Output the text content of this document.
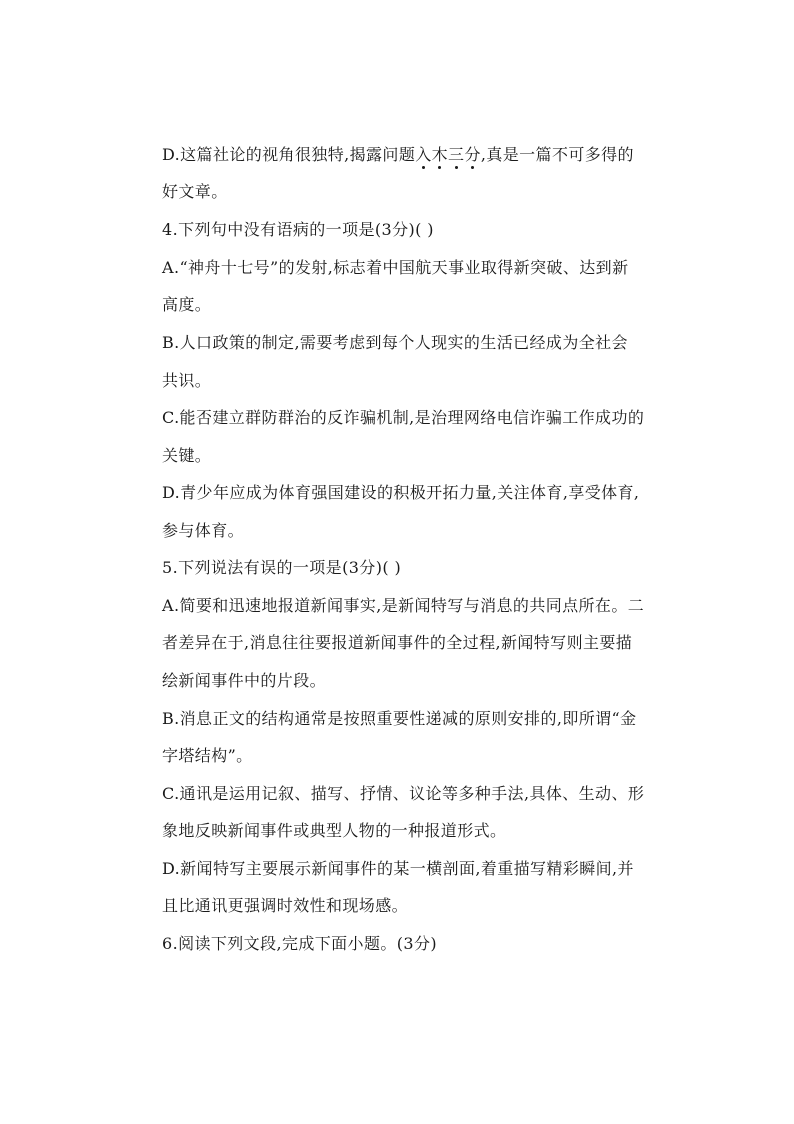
D.这篇社论的视角很独特,揭露问题入木三分,真是一篇不可多得的
好文章。
4.下列句中没有语病的一项是(3分)( )
A.“神舟十七号”的发射,标志着中国航天事业取得新突破、达到新
高度。
B.人口政策的制定,需要考虑到每个人现实的生活已经成为全社会
共识。
C.能否建立群防群治的反诈骗机制,是治理网络电信诈骗工作成功的
关键。
D.青少年应成为体育强国建设的积极开拓力量,关注体育,享受体育,
参与体育。
5.下列说法有误的一项是(3分)( )
A.简要和迅速地报道新闻事实,是新闻特写与消息的共同点所在。二
者差异在于,消息往往要报道新闻事件的全过程,新闻特写则主要描
绘新闻事件中的片段。
B.消息正文的结构通常是按照重要性递减的原则安排的,即所谓“金
字塔结构”。
C.通讯是运用记叙、描写、抒情、议论等多种手法,具体、生动、形
象地反映新闻事件或典型人物的一种报道形式。
D.新闻特写主要展示新闻事件的某一横剖面,着重描写精彩瞬间,并
且比通讯更强调时效性和现场感。
6.阅读下列文段,完成下面小题。(3分)
